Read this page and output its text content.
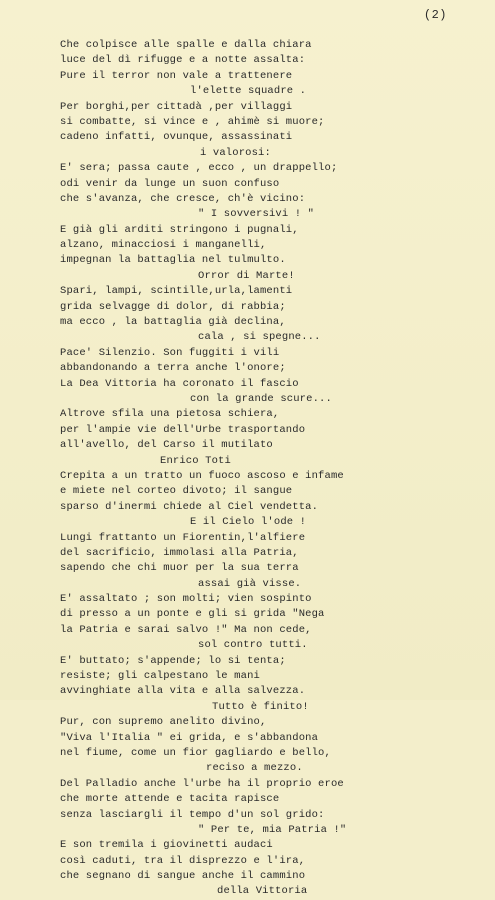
(2)
Che colpisce alle spalle e dalla chiara
luce del dì rifugge e a notte assalta:
Pure il terror non vale a trattenere
l'elette squadre .
Per borghi,per cittadà ,per villaggi
si combatte, si vince e , ahimè si muore;
cadeno infatti, ovunque, assassinati
i valorosi:
E' sera; passa caute , ecco , un drappello;
odi venir da lunge un suon confuso
che s'avanza, che cresce, ch'è vicino:
" I sovversivi ! "
E già gli arditi stringono i pugnali,
alzano, minacciosi i manganelli,
impegnan la battaglia nel tulmulto.
Orror di Marte!
Spari, lampi, scintille,urla,lamenti
grida selvagge di dolor, di rabbia;
ma ecco , la battaglia già declina,
cala , si spegne...
Pace' Silenzio. Son fuggiti i vili
abbandonando a terra anche l'onore;
La Dea Vittoria ha coronato il fascio
con la grande scure...
Altrove sfila una pietosa schiera,
per l'ampie vie dell'Urbe trasportando
all'avello, del Carso il mutilato
Enrico Toti
Crepita a un tratto un fuoco ascoso e infame
e miete nel corteo divoto; il sangue
sparso d'inermi chiede al Ciel vendetta.
E il Cielo l'ode !
Lungi frattanto un Fiorentin,l'alfiere
del sacrificio, immolasi alla Patria,
sapendo che chi muor per la sua terra
assai già visse.
E' assaltato ; son molti; vien sospinto
di presso a un ponte e gli si grida "Nega
la Patria e sarai salvo !" Ma non cede,
sol contro tutti.
E' buttato; s'appende; lo si tenta;
resiste; gli calpestano le mani
avvinghiate alla vita e alla salvezza.
Tutto è finito!
Pur, con supremo anelito divino,
"Viva l'Italia " ei grida, e s'abbandona
nel fiume, come un fior gagliardo e bello,
reciso a mezzo.
Del Palladio anche l'urbe ha il proprio eroe
che morte attende e tacita rapisce
senza lasciargli il tempo d'un sol grido:
" Per te, mia Patria !"
E son tremila i giovinetti audaci
così caduti, tra il disprezzo e l'ira,
che segnano di sangue anche il cammino
della Vittoria
